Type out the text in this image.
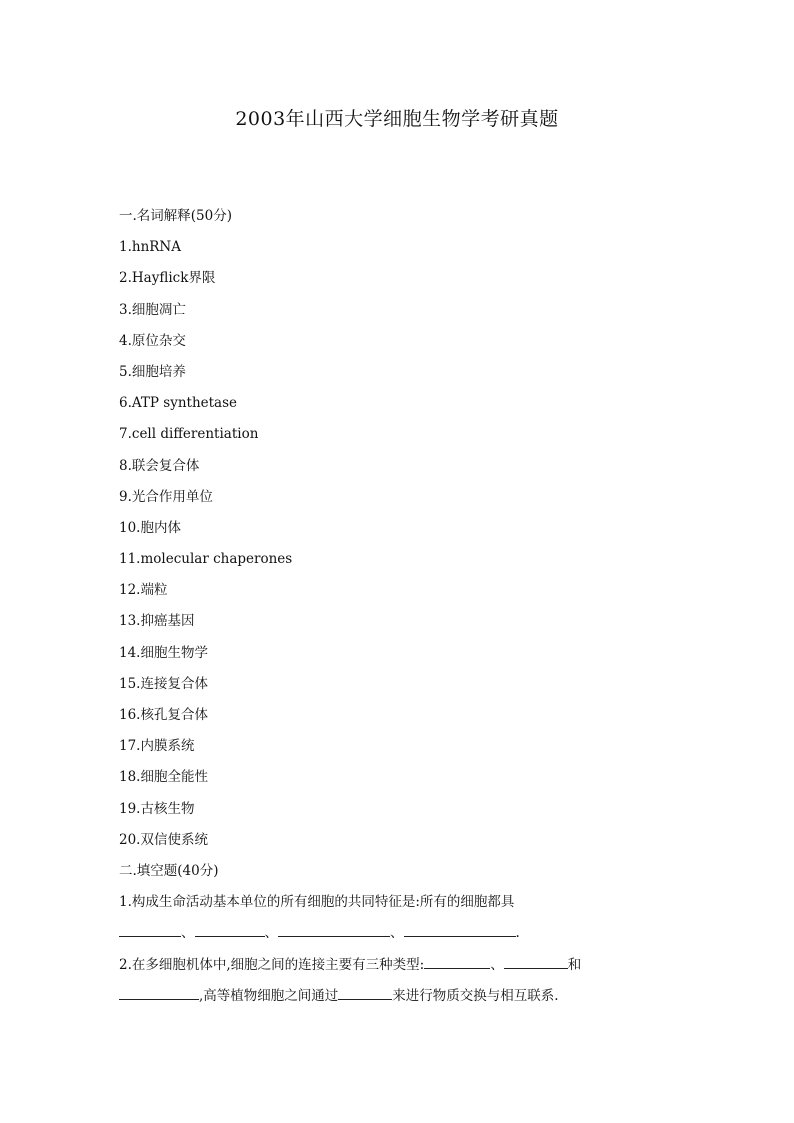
2003年山西大学细胞生物学考研真题
一.名词解释(50分)
1.hnRNA
2.Hayflick界限
3.细胞凋亡
4.原位杂交
5.细胞培养
6.ATP synthetase
7.cell differentiation
8.联会复合体
9.光合作用单位
10.胞内体
11.molecular chaperones
12.端粒
13.抑癌基因
14.细胞生物学
15.连接复合体
16.核孔复合体
17.内膜系统
18.细胞全能性
19.古核生物
20.双信使系统
二.填空题(40分)
1.构成生命活动基本单位的所有细胞的共同特征是:所有的细胞都具
、	、	、	.
2.在多细胞机体中,细胞之间的连接主要有三种类型:	、	和
,高等植物细胞之间通过	来进行物质交换与相互联系.
